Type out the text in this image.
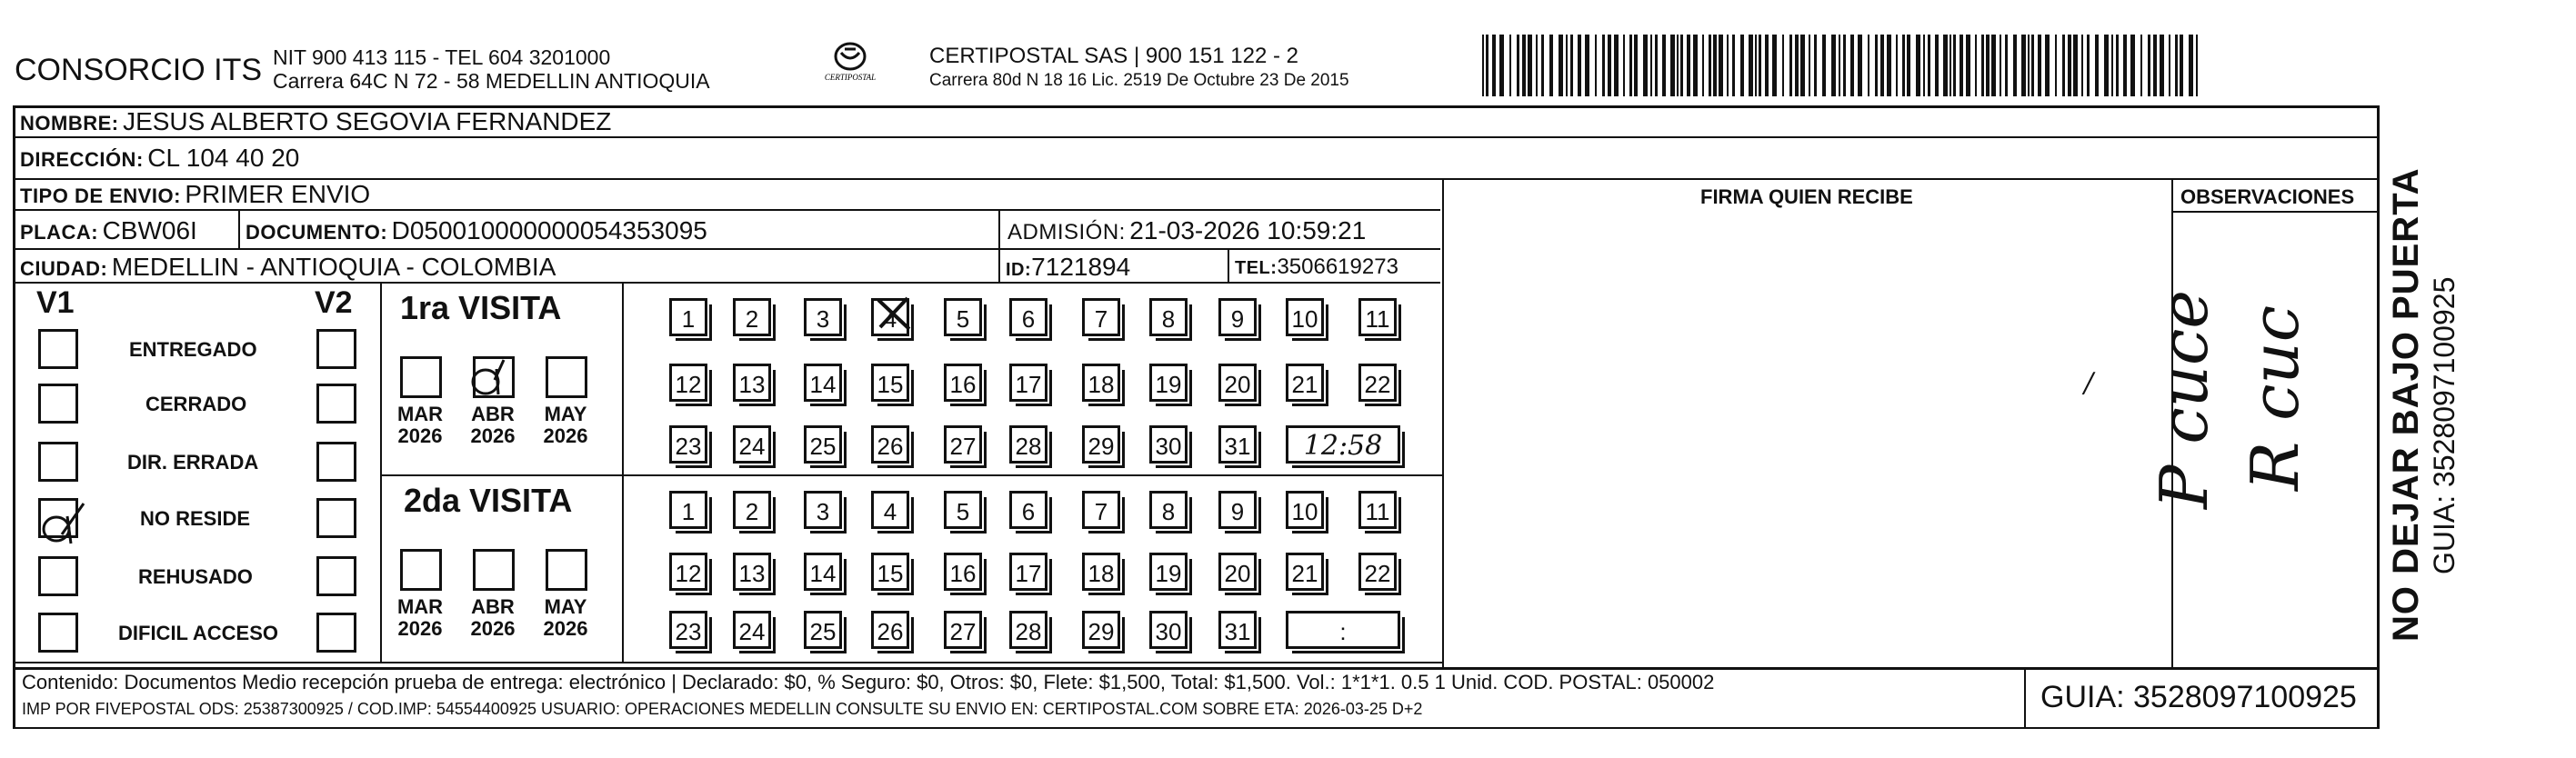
CONSORCIO ITS NIT 900 413 115 - TEL 604 3201000
Carrera 64C N 72 - 58 MEDELLIN ANTIOQUIA	CERTIPOSTAL
CERTIPOSTAL SAS | 900 151 122 - 2
Carrera 80d N 18 16 Lic. 2519 De Octubre 23 De 2015
NOMBRE: JESUS ALBERTO SEGOVIA FERNANDEZ
DIRECCIÓN: CL 104 40 20
TIPO DE ENVIO: PRIMER ENVIO	FIRMA QUIEN RECIBE	OBSERVACIONES
PLACA: CBW06I DOCUMENTO: D050010000000054353095	ADMISIÓN: 21-03-2026 10:59:21
CIUDAD: MEDELLIN - ANTIOQUIA - COLOMBIA	ID:7121894	TEL:3506619273
V1	V2
ENTREGADO
CERRADO
DIR. ERRADA
NO RESIDE
REHUSADO
DIFICIL ACCESO
1ra VISITA
2da VISITA
MAR
2026
ABR
2026
MAY
2026
MAR
2026
ABR
2026
MAY
2026
1	2	3	4	5	6	7	8	9	10 11
12 13 14 15 16 17 18 19 20 21 22
23 24 25 26 27 28 29 30 31	12:58
1	2	3	4	5	6	7	8	9	10 11
12 13 14 15 16 17 18 19 20 21 22
23 24 25 26 27 28 29 30 31	:
/ P cuce R cuc NO DEJAR BAJO PUERTA GUIA: 3528097100925
Contenido: Documentos Medio recepción prueba de entrega: electrónico | Declarado: $0, % Seguro: $0, Otros: $0, Flete: $1,500, Total: $1,500. Vol.: 1*1*1. 0.5 1 Unid. COD. POSTAL: 050002
IMP POR FIVEPOSTAL ODS: 25387300925 / COD.IMP: 54554400925 USUARIO: OPERACIONES MEDELLIN CONSULTE SU ENVIO EN: CERTIPOSTAL.COM SOBRE ETA: 2026-03-25 D+2	GUIA: 3528097100925
